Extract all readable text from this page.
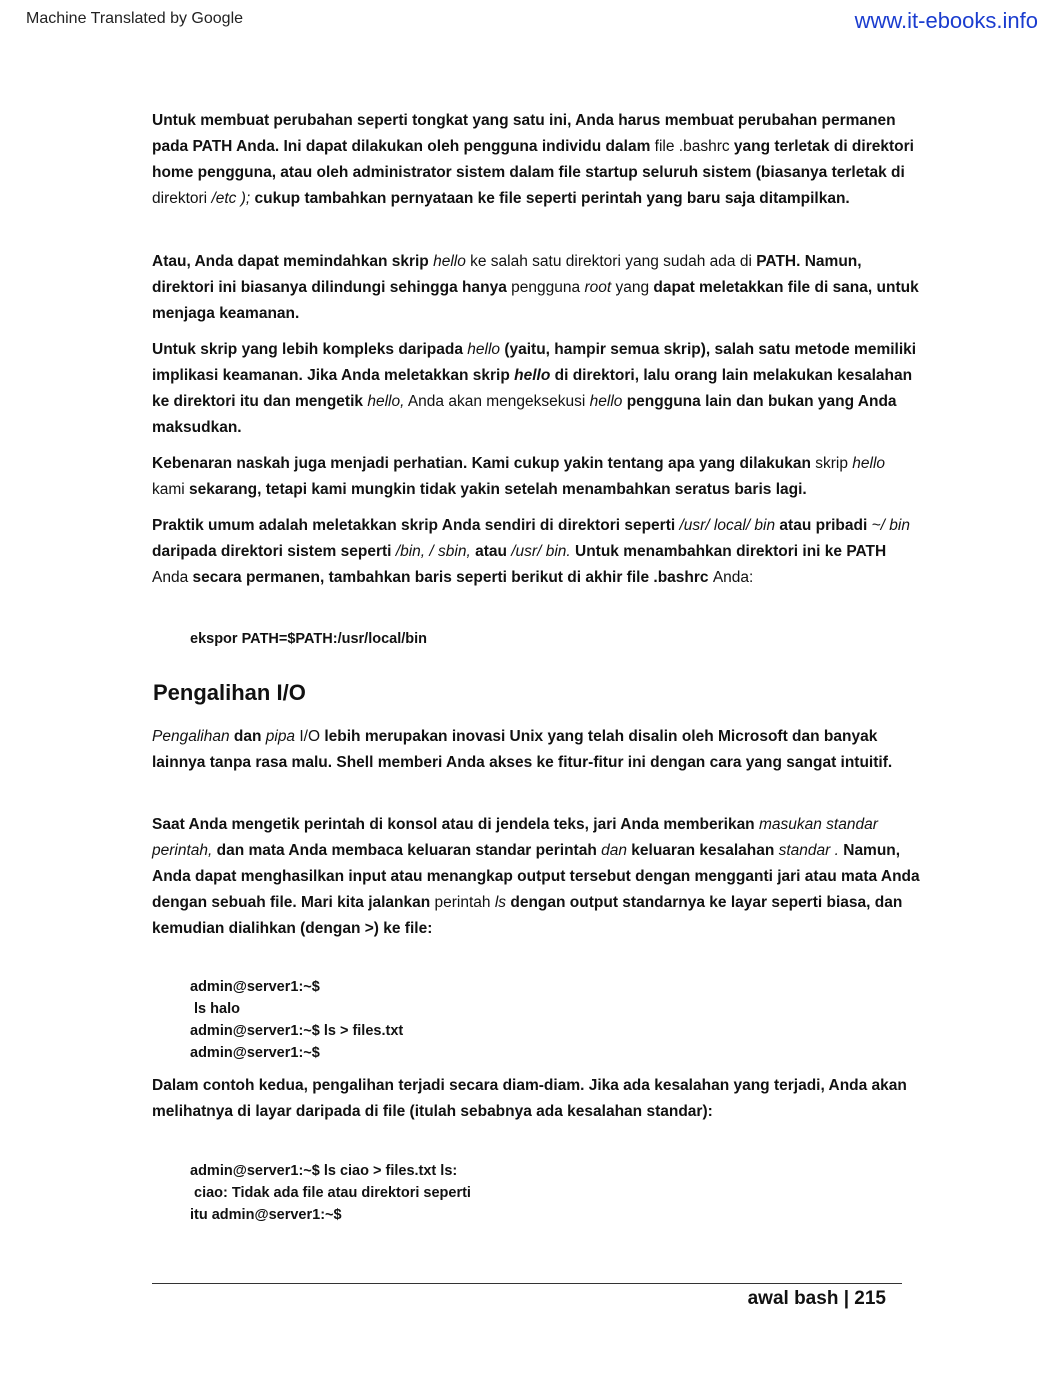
Machine Translated by Google	www.it-ebooks.info
Untuk membuat perubahan seperti tongkat yang satu ini, Anda harus membuat perubahan permanen pada PATH Anda. Ini dapat dilakukan oleh pengguna individu dalam file .bashrc yang terletak di direktori home pengguna, atau oleh administrator sistem dalam file startup seluruh sistem (biasanya terletak di direktori /etc ); cukup tambahkan pernyataan ke file seperti perintah yang baru saja ditampilkan.
Atau, Anda dapat memindahkan skrip hello ke salah satu direktori yang sudah ada di PATH. Namun, direktori ini biasanya dilindungi sehingga hanya pengguna root yang dapat meletakkan file di sana, untuk menjaga keamanan.
Untuk skrip yang lebih kompleks daripada hello (yaitu, hampir semua skrip), salah satu metode memiliki implikasi keamanan. Jika Anda meletakkan skrip hello di direktori, lalu orang lain melakukan kesalahan ke direktori itu dan mengetik hello, Anda akan mengeksekusi hello pengguna lain dan bukan yang Anda maksudkan.
Kebenaran naskah juga menjadi perhatian. Kami cukup yakin tentang apa yang dilakukan skrip hello kami sekarang, tetapi kami mungkin tidak yakin setelah menambahkan seratus baris lagi.
Praktik umum adalah meletakkan skrip Anda sendiri di direktori seperti /usr/ local/ bin atau pribadi ~/ bin daripada direktori sistem seperti /bin, / sbin, atau /usr/ bin. Untuk menambahkan direktori ini ke PATH Anda secara permanen, tambahkan baris seperti berikut di akhir file .bashrc Anda:
ekspor PATH=$PATH:/usr/local/bin
Pengalihan I/O
Pengalihan dan pipa I/O lebih merupakan inovasi Unix yang telah disalin oleh Microsoft dan banyak lainnya tanpa rasa malu. Shell memberi Anda akses ke fitur-fitur ini dengan cara yang sangat intuitif.
Saat Anda mengetik perintah di konsol atau di jendela teks, jari Anda memberikan masukan standar perintah, dan mata Anda membaca keluaran standar perintah dan keluaran kesalahan standar . Namun, Anda dapat menghasilkan input atau menangkap output tersebut dengan mengganti jari atau mata Anda dengan sebuah file. Mari kita jalankan perintah ls dengan output standarnya ke layar seperti biasa, dan kemudian dialihkan (dengan >) ke file:
admin@server1:~$
ls halo
admin@server1:~$ ls > files.txt
admin@server1:~$
Dalam contoh kedua, pengalihan terjadi secara diam-diam. Jika ada kesalahan yang terjadi, Anda akan melihatnya di layar daripada di file (itulah sebabnya ada kesalahan standar):
admin@server1:~$ ls ciao > files.txt ls:
ciao: Tidak ada file atau direktori seperti
itu admin@server1:~$
awal bash | 215
